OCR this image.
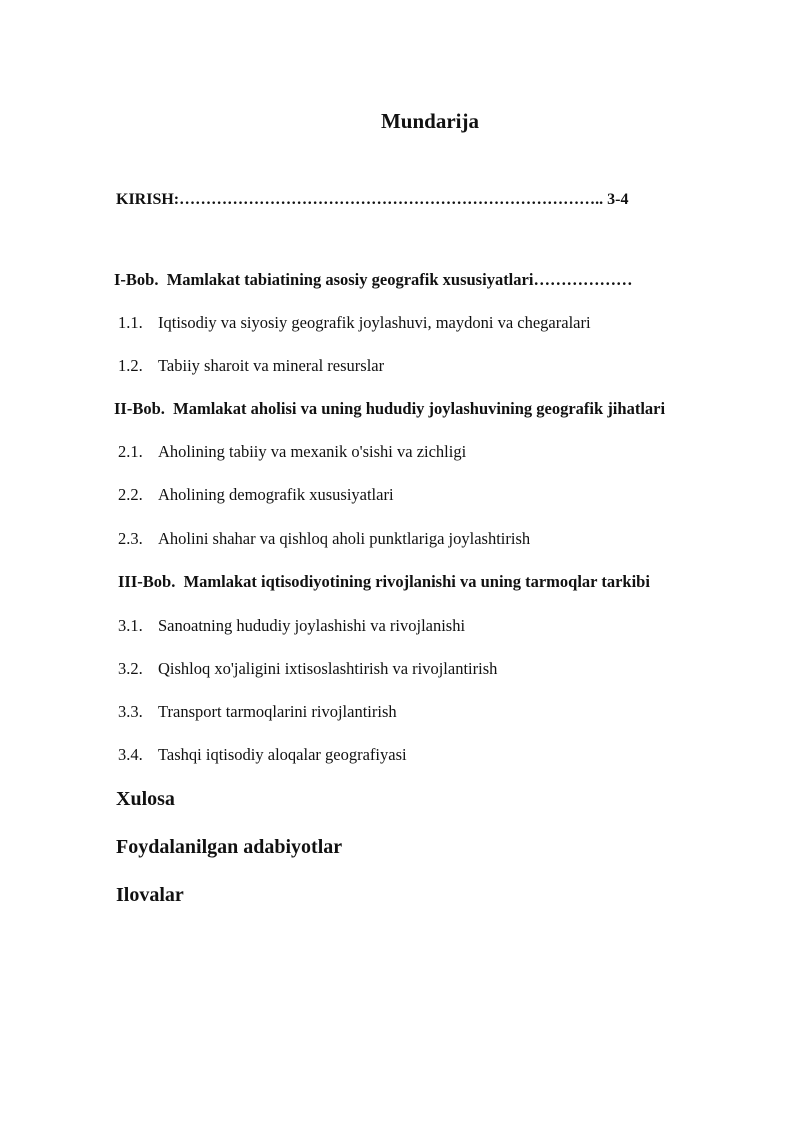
Mundarija
KIRISH:…………………………………………………………………….. 3-4
I-Bob.  Mamlakat tabiatining asosiy geografik xususiyatlari………………
1.1. Iqtisodiy va siyosiy geografik joylashuvi, maydoni va chegaralari
1.2. Tabiiy sharoit va mineral resurslar
II-Bob. Mamlakat aholisi va uning hududiy joylashuvining geografik jihatlari
2.1. Aholining tabiiy va mexanik o'sishi va zichligi
2.2. Aholining demografik xususiyatlari
2.3. Aholini shahar va qishloq aholi punktlariga joylashtirish
III-Bob. Mamlakat iqtisodiyotining rivojlanishi va uning tarmoqlar tarkibi
3.1. Sanoatning hududiy joylashishi va rivojlanishi
3.2. Qishloq xo'jaligini ixtisoslashtirish va rivojlantirish
3.3. Transport tarmoqlarini rivojlantirish
3.4. Tashqi iqtisodiy aloqalar geografiyasi
Xulosa
Foydalanilgan adabiyotlar
Ilovalar
